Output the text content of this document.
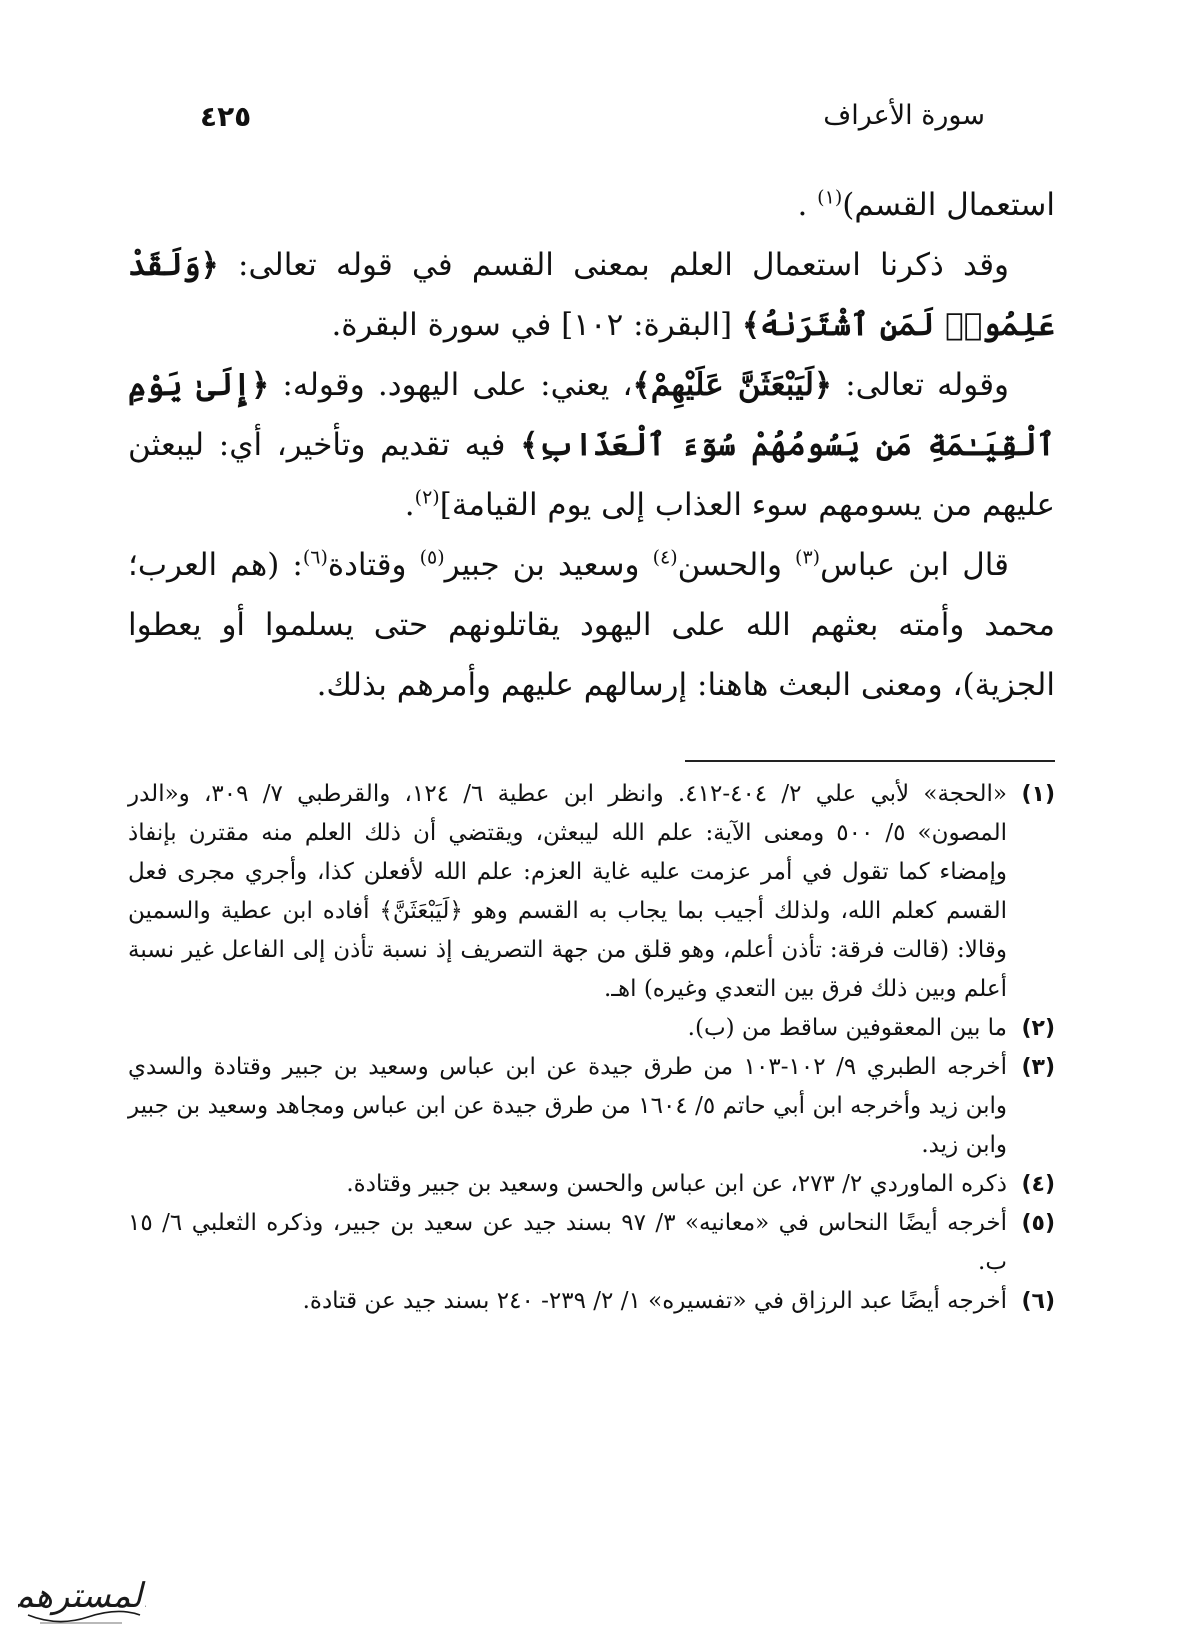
سورة الأعراف
٤٢٥

استعمال القسم)$^{(١)}$ .

وقد ذكرنا استعمال العلم بمعنى القسم في قوله تعالى: ﴿وَلَقَدْ عَلِمُوا۟ لَمَنِ ٱشْتَرَىٰهُ﴾ [البقرة: ١٠٢] في سورة البقرة.

وقوله تعالى: ﴿لَيَبْعَثَنَّ عَلَيْهِمْ﴾، يعني: على اليهود. وقوله: ﴿إِلَىٰ يَوْمِ ٱلْقِيَـٰمَةِ مَن يَسُومُهُمْ سُوٓءَ ٱلْعَذَابِ﴾ فيه تقديم وتأخير، أي: ليبعثن عليهم من يسومهم سوء العذاب إلى يوم القيامة]$^{(٢)}$.

قال ابن عباس$^{(٣)}$ والحسن$^{(٤)}$ وسعيد بن جبير$^{(٥)}$ وقتادة$^{(٦)}$: (هم العرب؛ محمد وأمته بعثهم الله على اليهود يقاتلونهم حتى يسلموا أو يعطوا الجزية)، ومعنى البعث هاهنا: إرسالهم عليهم وأمرهم بذلك.

(١)
«الحجة» لأبي علي ٢/ ٤٠٤-٤١٢. وانظر ابن عطية ٦/ ١٢٤، والقرطبي ٧/ ٣٠٩، و«الدر المصون» ٥/ ٥٠٠ ومعنى الآية: علم الله ليبعثن، ويقتضي أن ذلك العلم منه مقترن بإنفاذ وإمضاء كما تقول في أمر عزمت عليه غاية العزم: علم الله لأفعلن كذا، وأجري مجرى فعل القسم كعلم الله، ولذلك أجيب بما يجاب به القسم وهو ﴿لَيَبْعَثَنَّ﴾ أفاده ابن عطية والسمين وقالا: (قالت فرقة: تأذن أعلم، وهو قلق من جهة التصريف إذ نسبة تأذن إلى الفاعل غير نسبة أعلم وبين ذلك فرق بين التعدي وغيره) اهـ.
(٢)
ما بين المعقوفين ساقط من (ب).
(٣)
أخرجه الطبري ٩/ ١٠٢-١٠٣ من طرق جيدة عن ابن عباس وسعيد بن جبير وقتادة والسدي وابن زيد وأخرجه ابن أبي حاتم ٥/ ١٦٠٤ من طرق جيدة عن ابن عباس ومجاهد وسعيد بن جبير وابن زيد.
(٤)
ذكره الماوردي ٢/ ٢٧٣، عن ابن عباس والحسن وسعيد بن جبير وقتادة.
(٥)
أخرجه أيضًا النحاس في «معانيه» ٣/ ٩٧ بسند جيد عن سعيد بن جبير، وذكره الثعلبي ٦/ ١٥ ب.
(٦)
أخرجه أيضًا عبد الرزاق في «تفسيره» ١/ ٢/ ٢٣٩- ٢٤٠ بسند جيد عن قتادة.
المسترهم
